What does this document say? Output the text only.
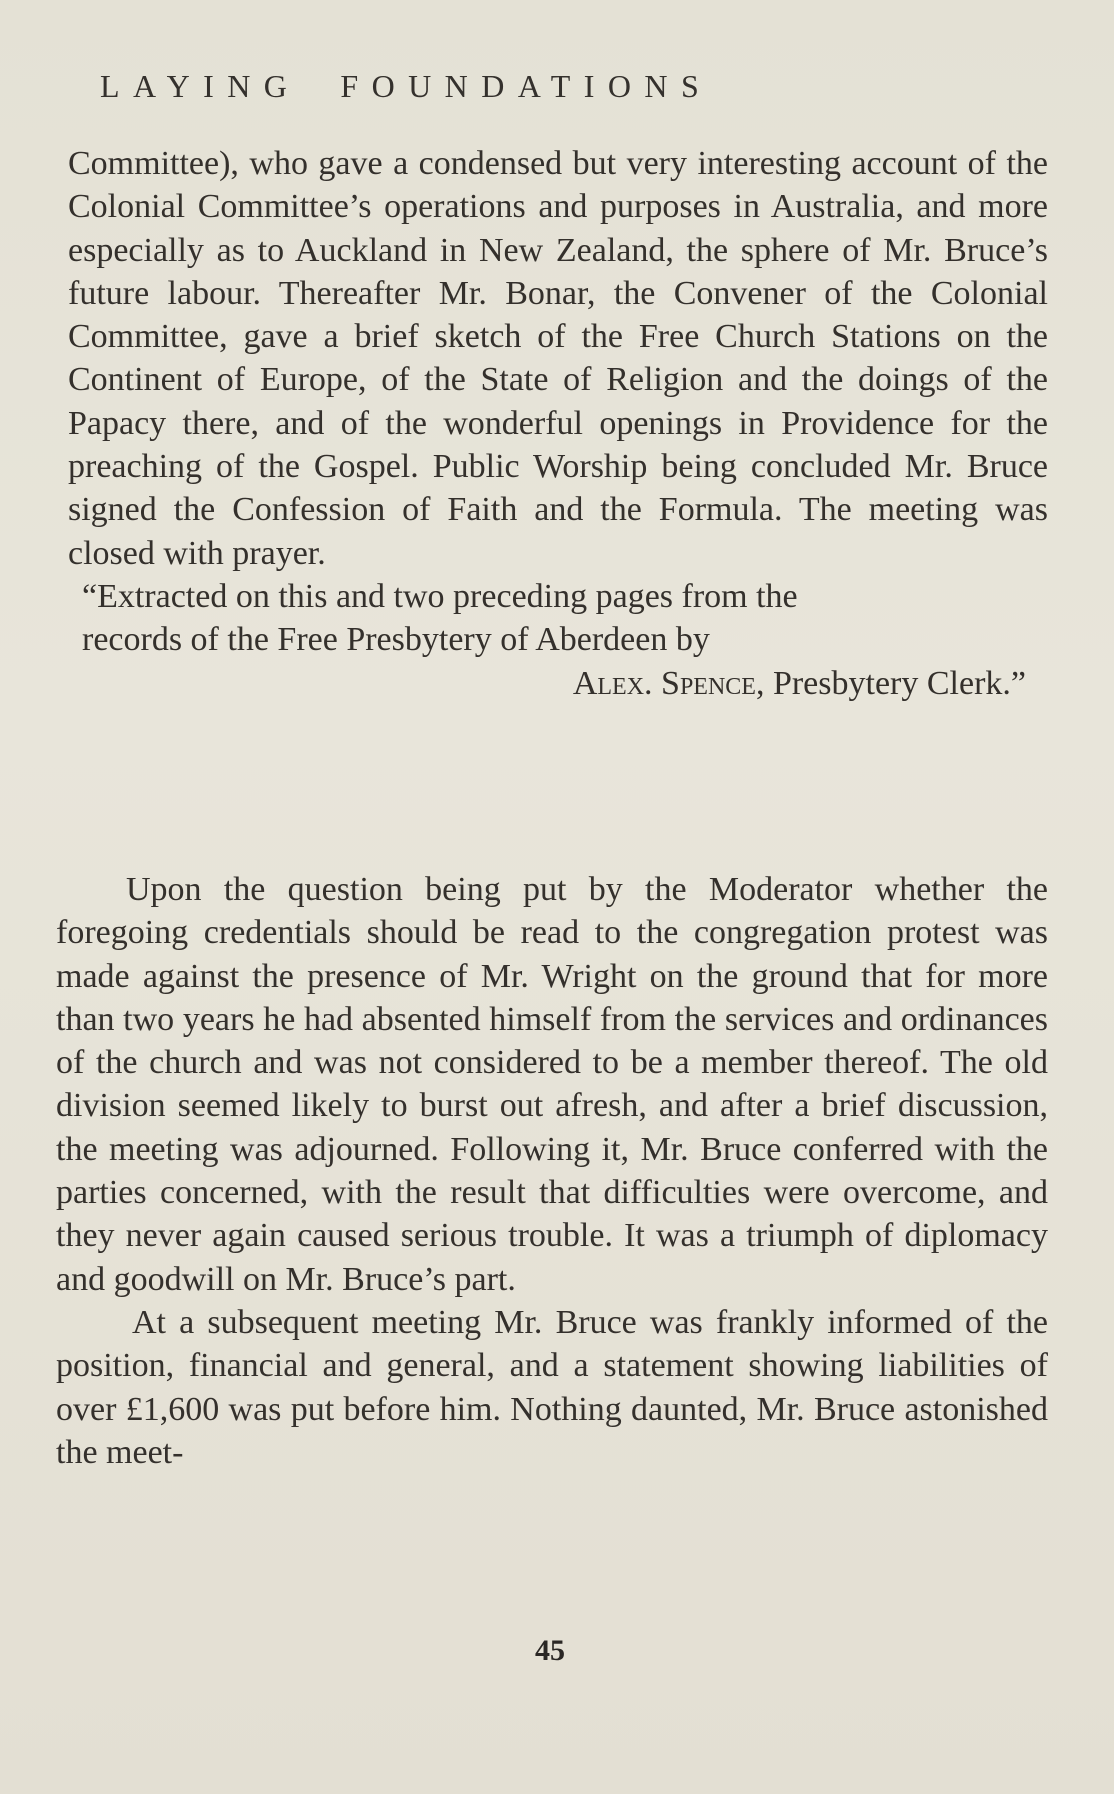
LAYING FOUNDATIONS

Committee), who gave a condensed but very interesting account of the Colonial Committee’s operations and purposes in Australia, and more especially as to Auckland in New Zealand, the sphere of Mr. Bruce’s future labour. Thereafter Mr. Bonar, the Convener of the Colonial Committee, gave a brief sketch of the Free Church Stations on the Continent of Europe, of the State of Religion and the doings of the Papacy there, and of the wonderful openings in Providence for the preaching of the Gospel. Public Worship being concluded Mr. Bruce signed the Confession of Faith and the Formula. The meeting was closed with prayer.

“Extracted on this and two preceding pages from the

records of the Free Presbytery of Aberdeen by

Alex. Spence, Presbytery Clerk.”

Upon the question being put by the Moderator whether the foregoing credentials should be read to the congregation protest was made against the presence of Mr. Wright on the ground that for more than two years he had absented himself from the services and ordinances of the church and was not considered to be a member thereof. The old division seemed likely to burst out afresh, and after a brief discussion, the meeting was adjourned. Following it, Mr. Bruce conferred with the parties concerned, with the result that difficulties were overcome, and they never again caused serious trouble. It was a triumph of diplomacy and goodwill on Mr. Bruce’s part.

At a subsequent meeting Mr. Bruce was frankly informed of the position, financial and general, and a statement showing liabilities of over £1,600 was put before him. Nothing daunted, Mr. Bruce astonished the meet-

45
